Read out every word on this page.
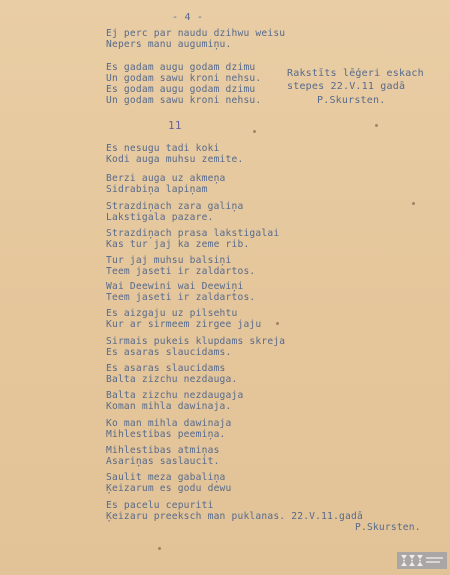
- 4 -
Ej perc par naudu dzihwu weisu
Nepers manu augumiņu.
Es gadam augu godam dzimu
Un godam sawu kroni nehsu.
Es godam augu godam dzimu
Un godam sawu kroni nehsu.
Rakstīts lēģeri eskach
stepes 22.V.11 gadā
P.Skursten.
11
Es nesugu tadi koki
Kodi auga muhsu zemite.
Berzi auga uz akmeņa
Sidrabiņa lapiņam
Strazdiņach zara galiņa
Lakstigala pazare.
Strazdiņach prasa lakstigalai
Kas tur jaj ka zeme rib.
Tur jaj muhsu balsiņi
Teem jaseti ir zaldartos.
Wai Deewini wai Deewiņi
Teem jaseti ir zaldartos.
Es aizgaju uz pilsehtu
Kur ar sirmeem zirgee jaju
Sirmais pukeis klupdams skreja
Es asaras slaucidams.
Es asaras slaucidams
Balta zizchu nezdauga.
Balta zizchu nezdaugaja
Koman mihla dawinaja.
Ko man mihla dawinaja
Mihlestibas peemiņa.
Mihlestibas atmiņas
Asariņas saslaucit.
Saulit meza gabaliņa
Ķeizarum es godu dewu
Es pacelu cepuriti
Ķeizaru preeksch man puklanas. 22.V.11.gadā
P.Skursten.
